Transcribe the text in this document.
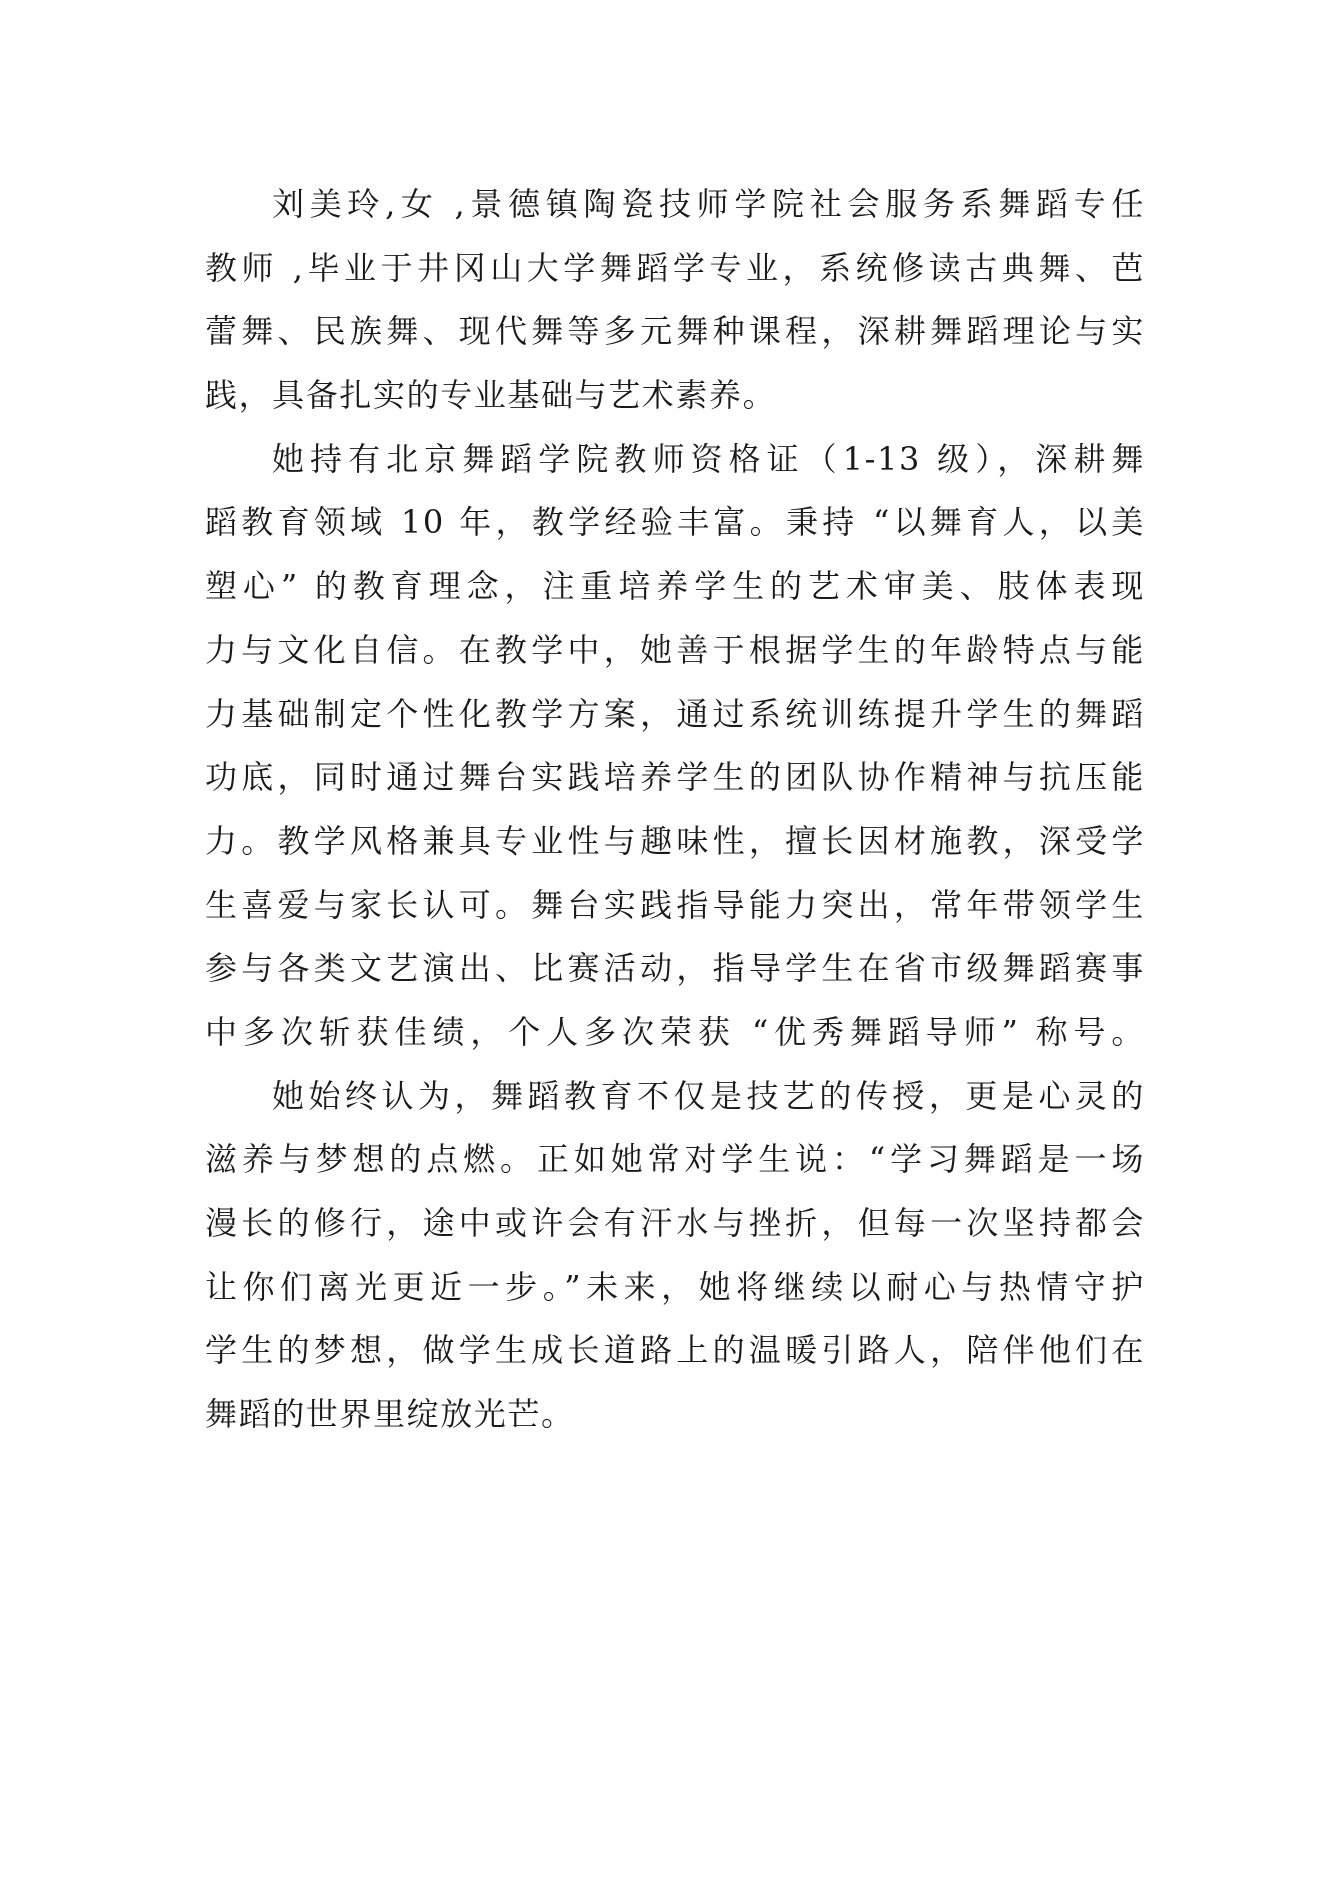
刘美玲,女 ,景德镇陶瓷技师学院社会服务系舞蹈专任
教师 ,毕业于井冈山大学舞蹈学专业，系统修读古典舞、芭
蕾舞、民族舞、现代舞等多元舞种课程，深耕舞蹈理论与实
践，具备扎实的专业基础与艺术素养。
她持有北京舞蹈学院教师资格证（1-13 级），深耕舞
蹈教育领域 10 年，教学经验丰富。秉持 “以舞育人，以美
塑心” 的教育理念，注重培养学生的艺术审美、肢体表现
力与文化自信。在教学中，她善于根据学生的年龄特点与能
力基础制定个性化教学方案，通过系统训练提升学生的舞蹈
功底，同时通过舞台实践培养学生的团队协作精神与抗压能
力。教学风格兼具专业性与趣味性，擅长因材施教，深受学
生喜爱与家长认可。舞台实践指导能力突出，常年带领学生
参与各类文艺演出、比赛活动，指导学生在省市级舞蹈赛事
中多次斩获佳绩，个人多次荣获 “优秀舞蹈导师” 称号。
她始终认为，舞蹈教育不仅是技艺的传授，更是心灵的
滋养与梦想的点燃。正如她常对学生说：“学习舞蹈是一场
漫长的修行，途中或许会有汗水与挫折，但每一次坚持都会
让你们离光更近一步。”未来，她将继续以耐心与热情守护
学生的梦想，做学生成长道路上的温暖引路人，陪伴他们在
舞蹈的世界里绽放光芒。
